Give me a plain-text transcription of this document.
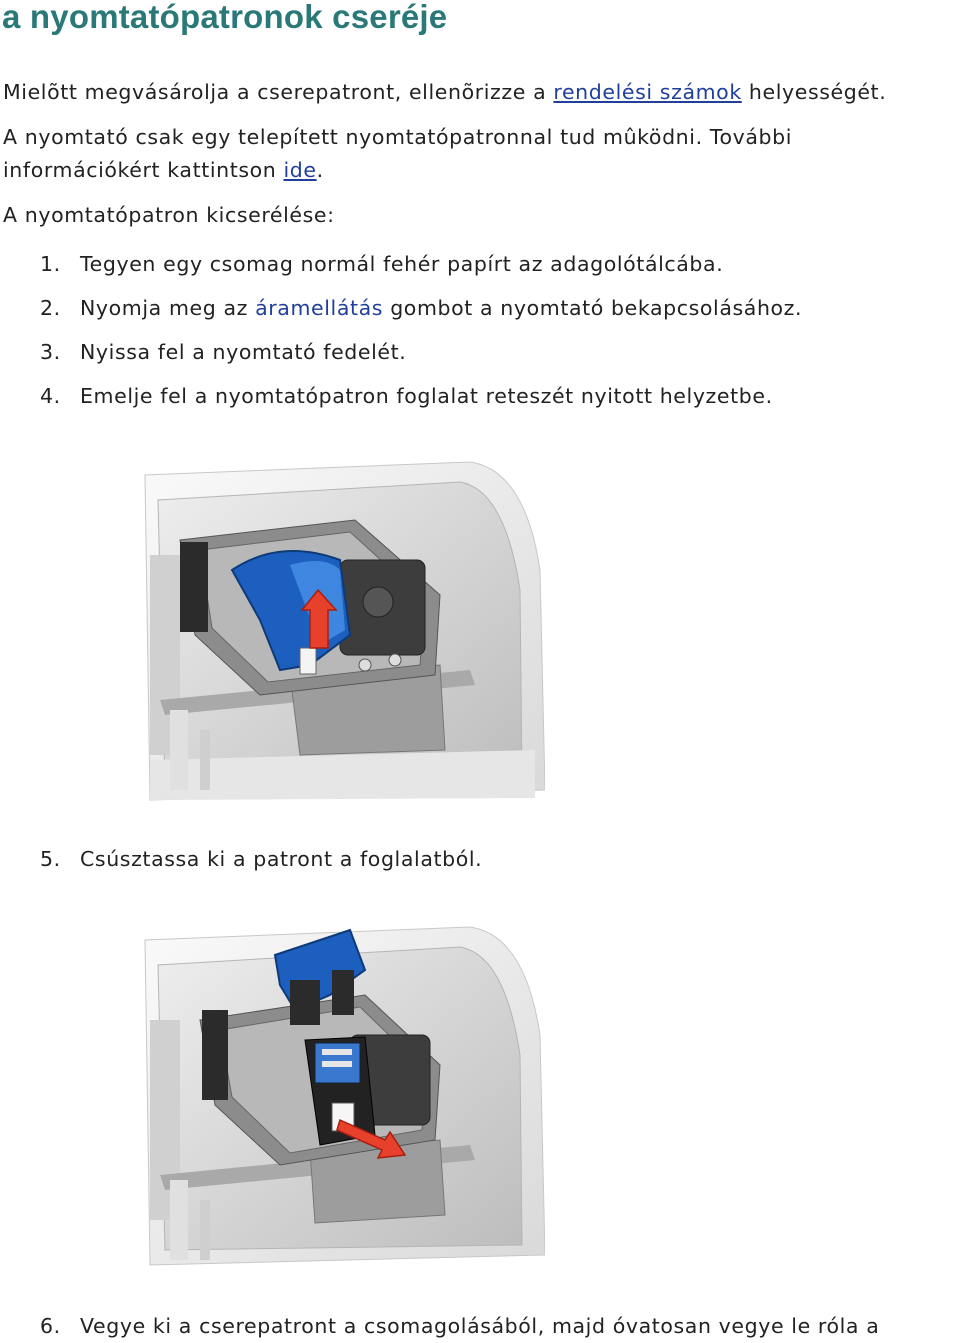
a nyomtatópatronok cseréje

Mielõtt megvásárolja a cserepatront, ellenõrizze a rendelési számok helyességét.

A nyomtató csak egy telepített nyomtatópatronnal tud mûködni. További információkért kattintson ide.

A nyomtatópatron kicserélése:

1. Tegyen egy csomag normál fehér papírt az adagolótálcába.

2. Nyomja meg az áramellátás gombot a nyomtató bekapcsolásához.

3. Nyissa fel a nyomtató fedelét.

4. Emelje fel a nyomtatópatron foglalat reteszét nyitott helyzetbe.

5. Csúsztassa ki a patront a foglalatból.

6. Vegye ki a cserepatront a csomagolásából, majd óvatosan vegye le róla a
